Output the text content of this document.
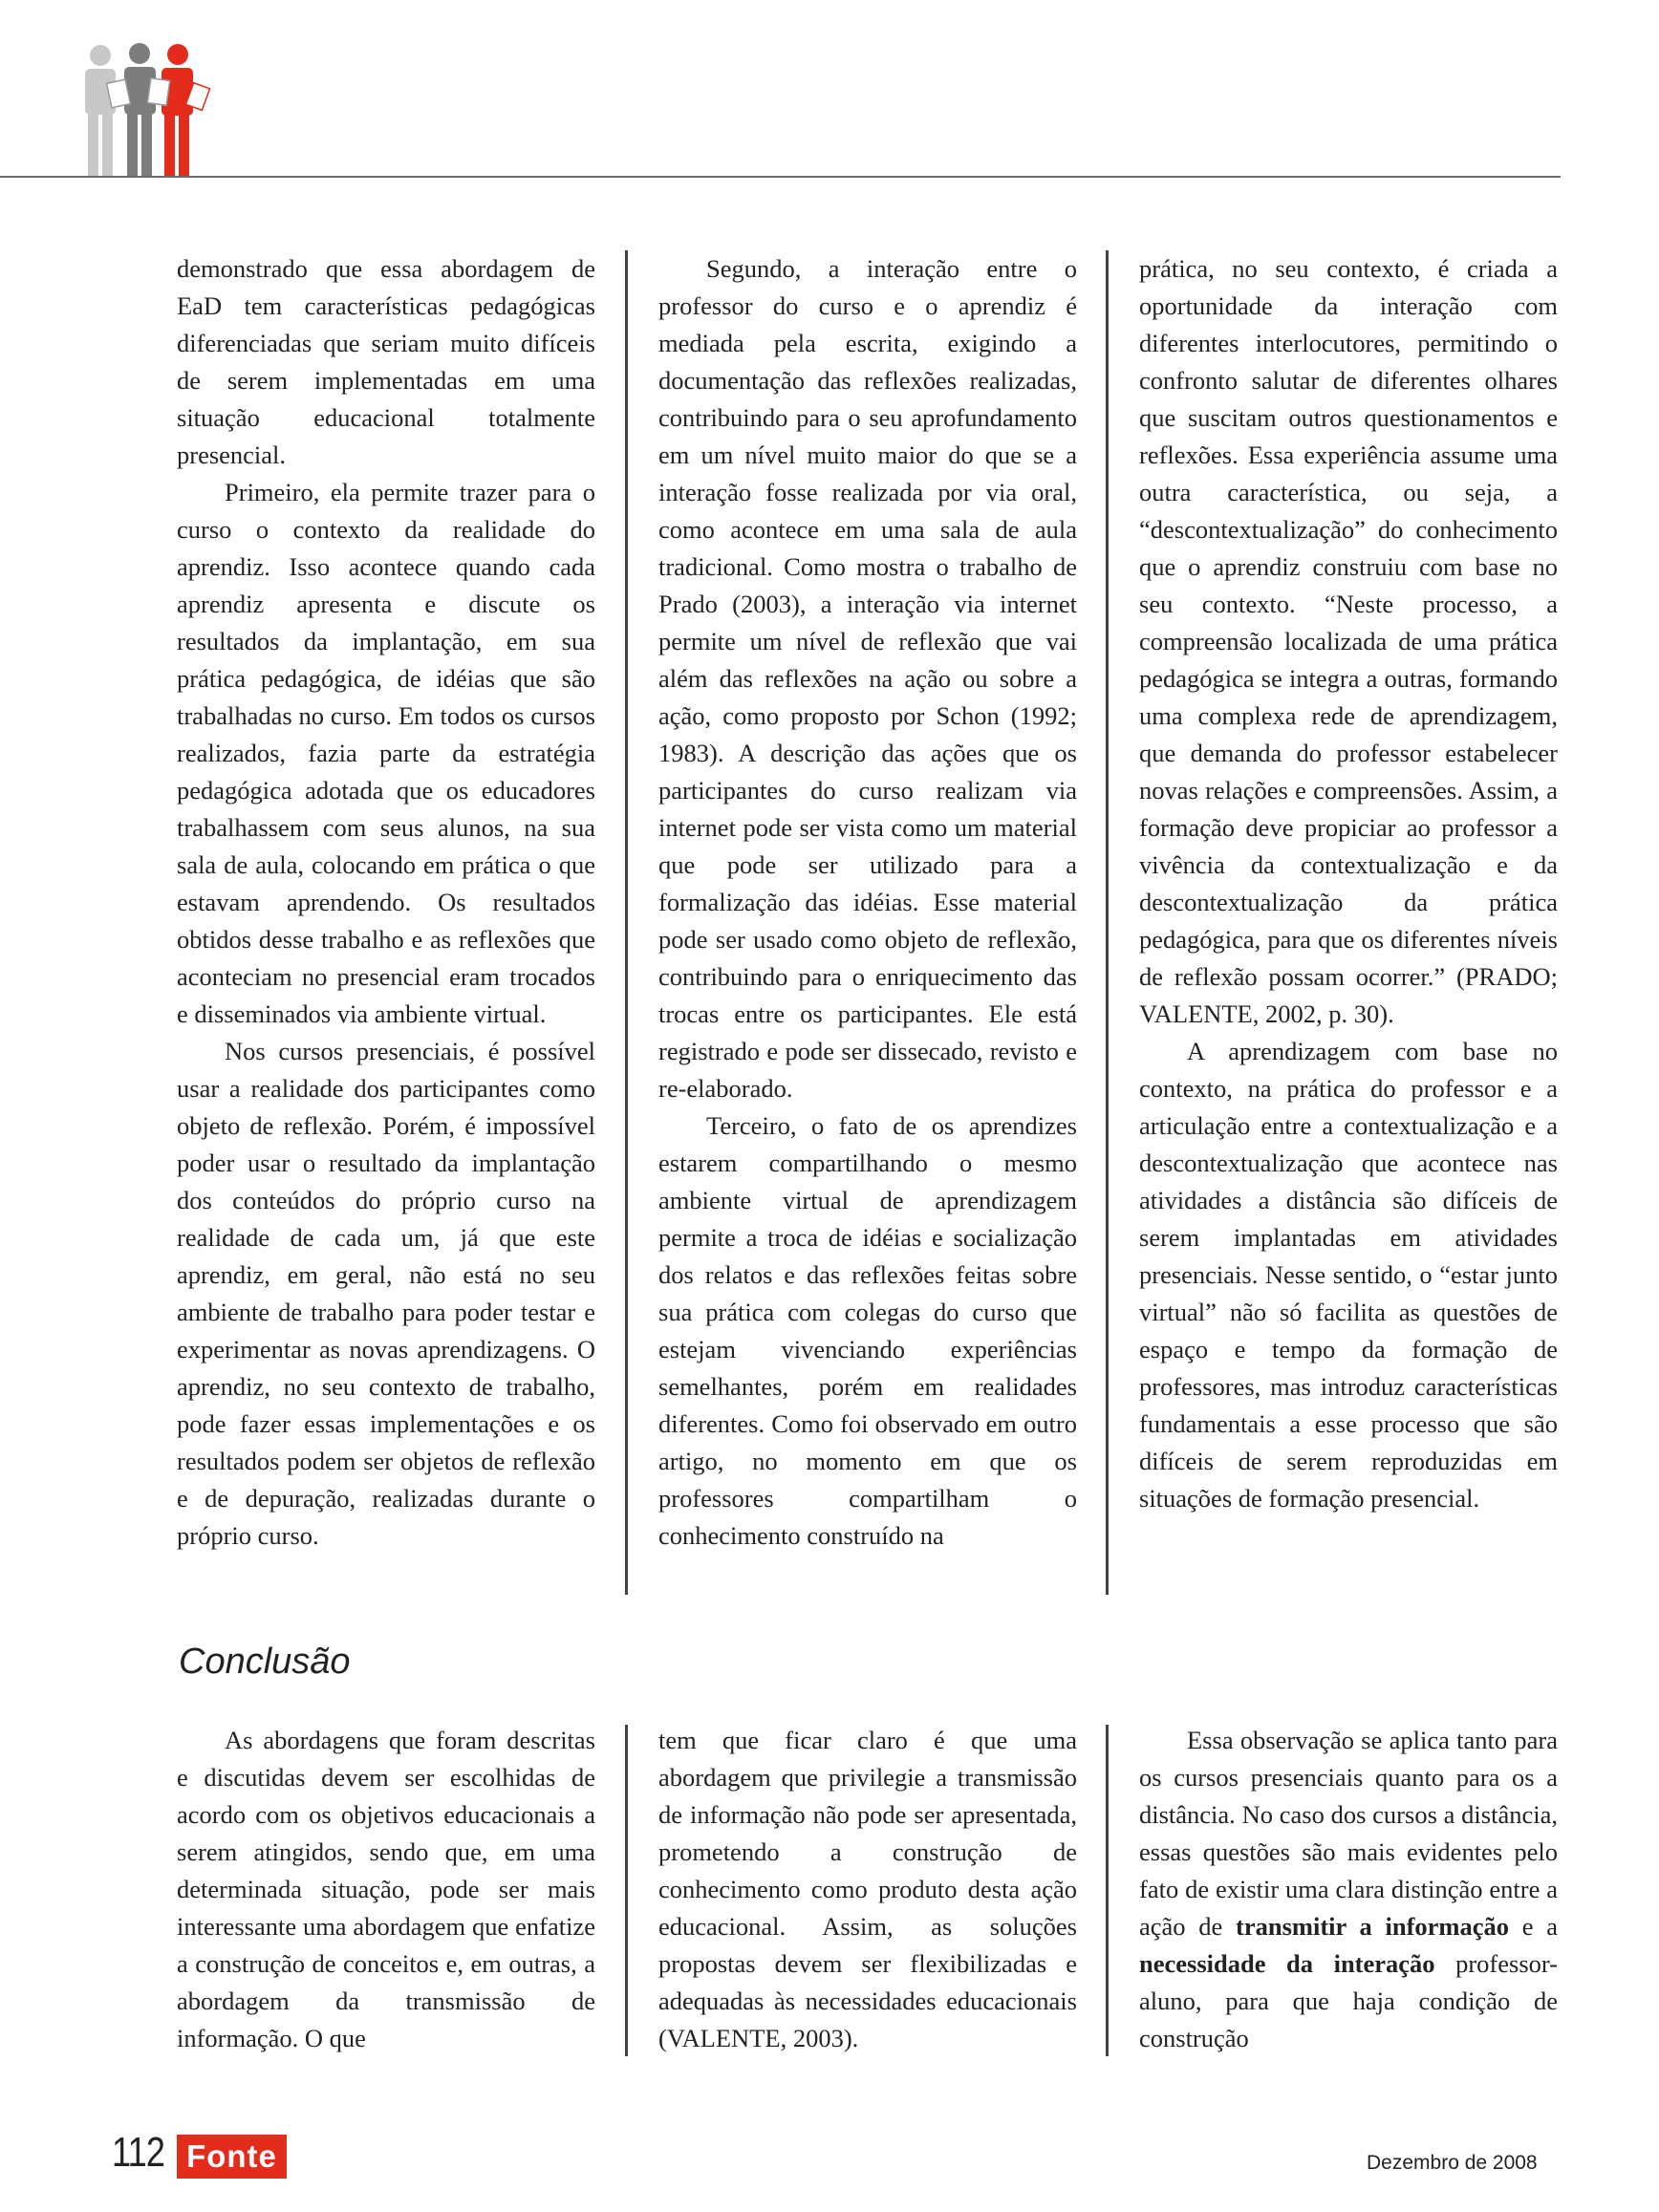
demonstrado que essa abordagem de EaD tem características pedagógicas diferenciadas que seriam muito difíceis de serem implementadas em uma situação educacional totalmente presencial.

Primeiro, ela permite trazer para o curso o contexto da realidade do aprendiz. Isso acontece quando cada aprendiz apresenta e discute os resultados da implantação, em sua prática pedagógica, de idéias que são trabalhadas no curso. Em todos os cursos realizados, fazia parte da estratégia pedagógica adotada que os educadores trabalhassem com seus alunos, na sua sala de aula, colocando em prática o que estavam aprendendo. Os resultados obtidos desse trabalho e as reflexões que aconteciam no presencial eram trocados e disseminados via ambiente virtual.

Nos cursos presenciais, é possível usar a realidade dos participantes como objeto de reflexão. Porém, é impossível poder usar o resultado da implantação dos conteúdos do próprio curso na realidade de cada um, já que este aprendiz, em geral, não está no seu ambiente de trabalho para poder testar e experimentar as novas aprendizagens. O aprendiz, no seu contexto de trabalho, pode fazer essas implementações e os resultados podem ser objetos de reflexão e de depuração, realizadas durante o próprio curso.

Segundo, a interação entre o professor do curso e o aprendiz é mediada pela escrita, exigindo a documentação das reflexões realizadas, contribuindo para o seu aprofundamento em um nível muito maior do que se a interação fosse realizada por via oral, como acontece em uma sala de aula tradicional. Como mostra o trabalho de Prado (2003), a interação via internet permite um nível de reflexão que vai além das reflexões na ação ou sobre a ação, como proposto por Schon (1992; 1983). A descrição das ações que os participantes do curso realizam via internet pode ser vista como um material que pode ser utilizado para a formalização das idéias. Esse material pode ser usado como objeto de reflexão, contribuindo para o enriquecimento das trocas entre os participantes. Ele está registrado e pode ser dissecado, revisto e re-elaborado.

Terceiro, o fato de os aprendizes estarem compartilhando o mesmo ambiente virtual de aprendizagem permite a troca de idéias e socialização dos relatos e das reflexões feitas sobre sua prática com colegas do curso que estejam vivenciando experiências semelhantes, porém em realidades diferentes. Como foi observado em outro artigo, no momento em que os professores compartilham o conhecimento construído na

prática, no seu contexto, é criada a oportunidade da interação com diferentes interlocutores, permitindo o confronto salutar de diferentes olhares que suscitam outros questionamentos e reflexões. Essa experiência assume uma outra característica, ou seja, a “descontextualização” do conhecimento que o aprendiz construiu com base no seu contexto. “Neste processo, a compreensão localizada de uma prática pedagógica se integra a outras, formando uma complexa rede de aprendizagem, que demanda do professor estabelecer novas relações e compreensões. Assim, a formação deve propiciar ao professor a vivência da contextualização e da descontextualização da prática pedagógica, para que os diferentes níveis de reflexão possam ocorrer.” (PRADO; VALENTE, 2002, p. 30).

A aprendizagem com base no contexto, na prática do professor e a articulação entre a contextualização e a descontextualização que acontece nas atividades a distância são difíceis de serem implantadas em atividades presenciais. Nesse sentido, o “estar junto virtual” não só facilita as questões de espaço e tempo da formação de professores, mas introduz características fundamentais a esse processo que são difíceis de serem reproduzidas em situações de formação presencial.

Conclusão

As abordagens que foram descritas e discutidas devem ser escolhidas de acordo com os objetivos educacionais a serem atingidos, sendo que, em uma determinada situação, pode ser mais interessante uma abordagem que enfatize a construção de conceitos e, em outras, a abordagem da transmissão de informação. O que

tem que ficar claro é que uma abordagem que privilegie a transmissão de informação não pode ser apresentada, prometendo a construção de conhecimento como produto desta ação educacional. Assim, as soluções propostas devem ser flexibilizadas e adequadas às necessidades educacionais (VALENTE, 2003).

Essa observação se aplica tanto para os cursos presenciais quanto para os a distância. No caso dos cursos a distância, essas questões são mais evidentes pelo fato de existir uma clara distinção entre a ação de transmitir a informação e a necessidade da interação professor-aluno, para que haja condição de construção

112 Fonte	Dezembro de 2008
